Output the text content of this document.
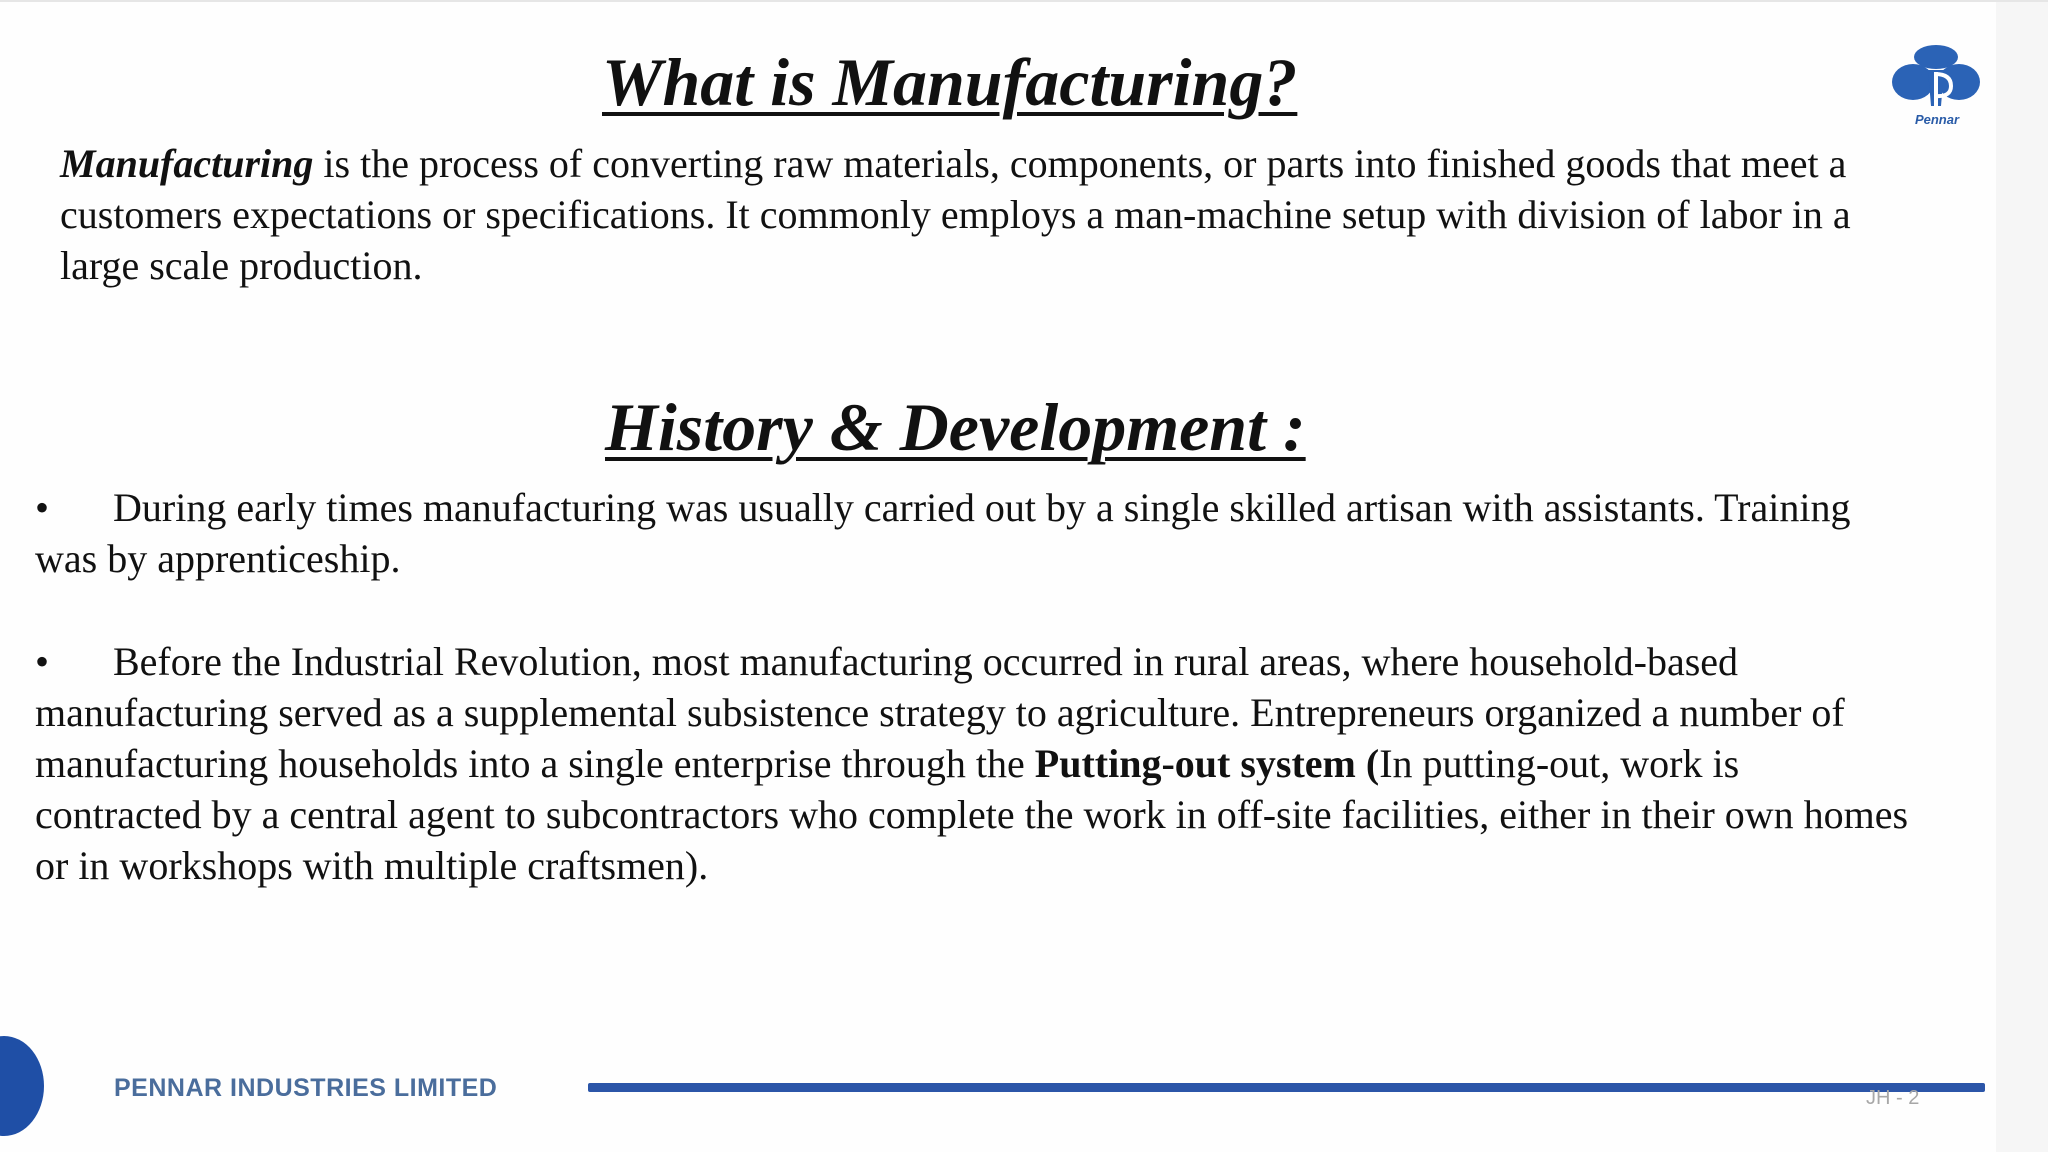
What is Manufacturing?

Manufacturing is the process of converting raw materials, components, or parts into finished goods that meet a customers expectations or specifications. It commonly employs a man-machine setup with division of labor in a large scale production.

History & Development :

• During early times manufacturing was usually carried out by a single skilled artisan with assistants. Training was by apprenticeship.

• Before the Industrial Revolution, most manufacturing occurred in rural areas, where household-based manufacturing served as a supplemental subsistence strategy to agriculture. Entrepreneurs organized a number of manufacturing households into a single enterprise through the Putting-out system (In putting-out, work is contracted by a central agent to subcontractors who complete the work in off-site facilities, either in their own homes or in workshops with multiple craftsmen).

Pennar
PENNAR INDUSTRIES LIMITED	JH - 2
